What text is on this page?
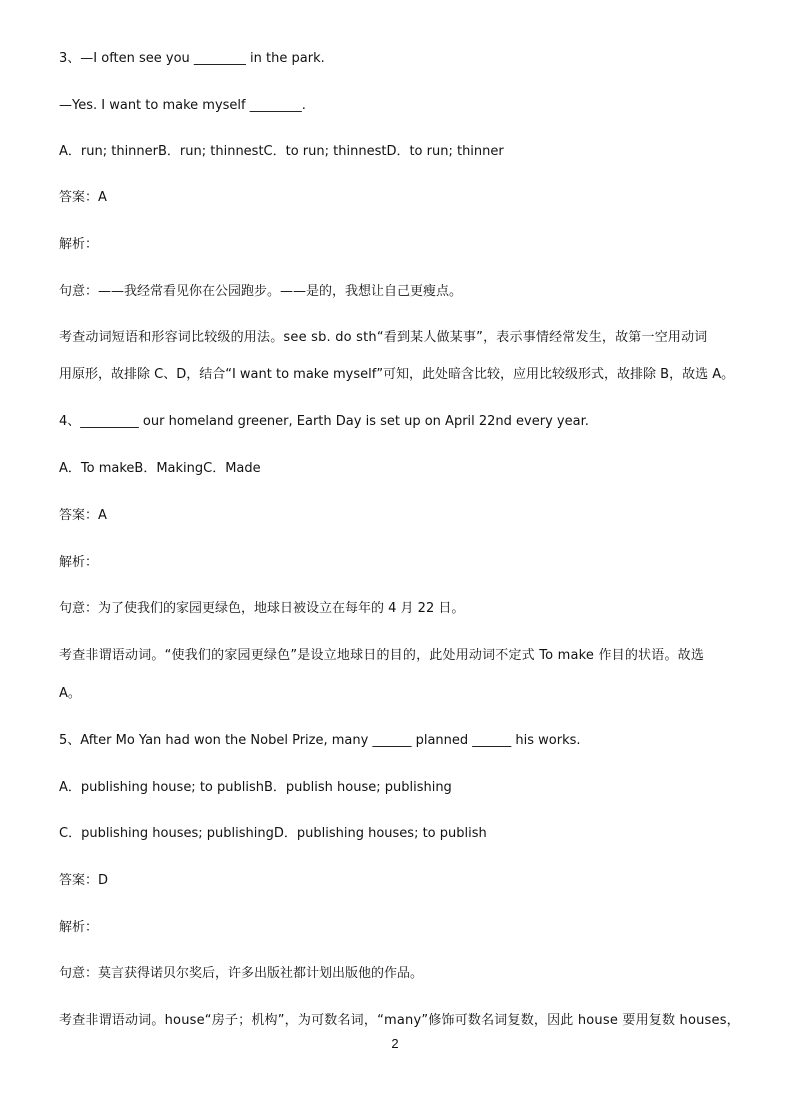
3、—I often see you ________ in the park.
—Yes. I want to make myself ________.
A．run; thinnerB．run; thinnestC．to run; thinnestD．to run; thinner
答案：A
解析：
句意：——我经常看见你在公园跑步。——是的，我想让自己更瘦点。
考查动词短语和形容词比较级的用法。see sb. do sth“看到某人做某事”，表示事情经常发生，故第一空用动词
用原形，故排除 C、D，结合“I want to make myself”可知，此处暗含比较，应用比较级形式，故排除 B，故选 A。
4、_________ our homeland greener, Earth Day is set up on April 22nd every year.
A．To makeB．MakingC．Made
答案：A
解析：
句意：为了使我们的家园更绿色，地球日被设立在每年的 4 月 22 日。
考查非谓语动词。“使我们的家园更绿色”是设立地球日的目的，此处用动词不定式 To make 作目的状语。故选
A。
5、After Mo Yan had won the Nobel Prize, many ______ planned ______ his works.
A．publishing house; to publishB．publish house; publishing
C．publishing houses; publishingD．publishing houses; to publish
答案：D
解析：
句意：莫言获得诺贝尔奖后，许多出版社都计划出版他的作品。
考查非谓语动词。house“房子；机构”，为可数名词，“many”修饰可数名词复数，因此 house 要用复数 houses，
2
